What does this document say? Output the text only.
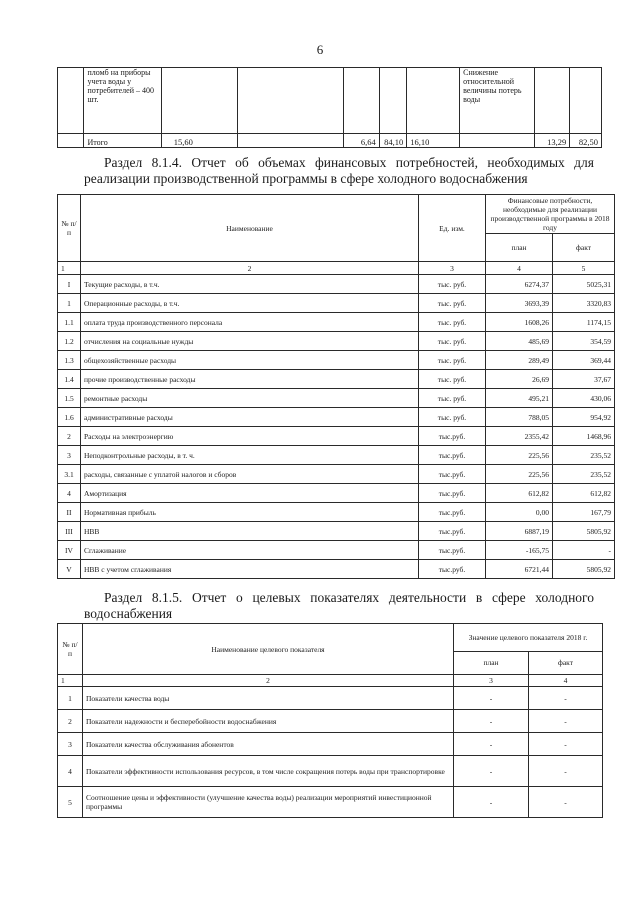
6
	пломб на приборы учета воды у потребителей – 400 шт.						Снижение относительной величины потерь воды		
	Итого	15,60		6,64	84,10	16,10		13,29	82,50
Раздел 8.1.4. Отчет об объемах финансовых потребностей, необходимых для реализации производственной программы в сфере холодного водоснабжения
№ п/п	Наименование	Ед. изм.	Финансовые потребности, необходимые для реализации производственной программы в 2018 году	
			план	факт
1	2	3	4	5
I	Текущие расходы, в т.ч.	тыс. руб.	6274,37	5025,31
1	Операционные расходы, в т.ч.	тыс. руб.	3693,39	3320,83
1.1	оплата труда производственного персонала	тыс. руб.	1608,26	1174,15
1.2	отчисления на социальные нужды	тыс. руб.	485,69	354,59
1.3	общехозяйственные расходы	тыс. руб.	289,49	369,44
1.4	прочие производственные расходы	тыс. руб.	26,69	37,67
1.5	ремонтные расходы	тыс. руб.	495,21	430,06
1.6	административные расходы	тыс. руб.	788,05	954,92
2	Расходы на электроэнергию	тыс.руб.	2355,42	1468,96
3	Неподконтрольные расходы, в т. ч.	тыс.руб.	225,56	235,52
3.1	расходы, связанные с уплатой налогов и сборов	тыс.руб.	225,56	235,52
4	Амортизация	тыс.руб.	612,82	612,82
II	Нормативная прибыль	тыс.руб.	0,00	167,79
III	НВВ	тыс.руб.	6887,19	5805,92
IV	Сглаживание	тыс.руб.	-165,75	-
V	НВВ с учетом сглаживания	тыс.руб.	6721,44	5805,92
Раздел 8.1.5. Отчет о целевых показателях деятельности в сфере холодного водоснабжения
№ п/п	Наименование целевого показателя	Значение целевого показателя 2018 г.	
		план	факт
1	2	3	4
1	Показатели качества воды	-	-
2	Показатели надежности и бесперебойности водоснабжения	-	-
3	Показатели качества обслуживания абонентов	-	-
4	Показатели эффективности использования ресурсов, в том числе сокращения потерь воды при транспортировке	-	-
5	Соотношение цены и эффективности (улучшение качества воды) реализации мероприятий инвестиционной программы	-	-
